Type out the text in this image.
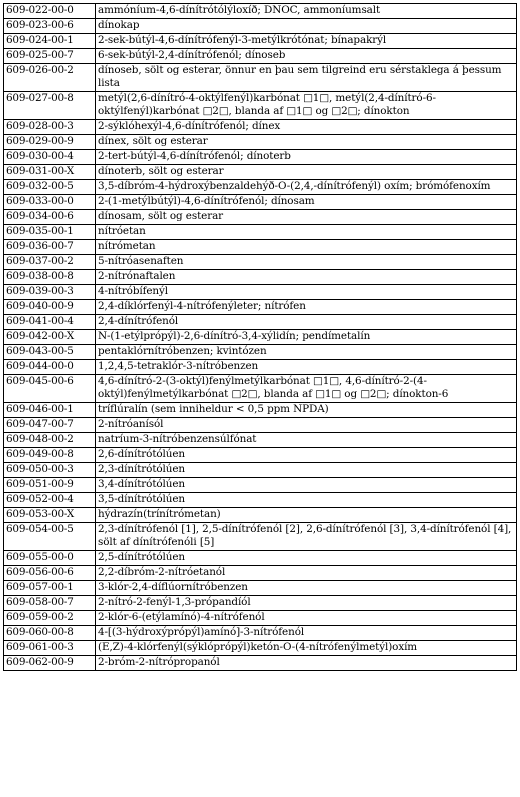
609-022-00-0	ammóníum-4,6-dínítrótólýloxíð; DNOC, ammoníumsalt
609-023-00-6	dínokap
609-024-00-1	2-sek-bútýl-4,6-dínítrófenýl-3-metýlkrótónat; bínapakrýl
609-025-00-7	6-sek-bútýl-2,4-dínítrófenól; dínoseb
609-026-00-2	dínoseb, sölt og esterar, önnur en þau sem tilgreind eru sérstaklega á þessum lista
609-027-00-8	metýl(2,6-dínítró-4-oktýlfenýl)karbónat □1□, metýl(2,4-dínítró-6-oktýlfenýl)karbónat □2□, blanda af □1□ og □2□; dínokton
609-028-00-3	2-sýklóhexýl-4,6-dínítrófenól; dínex
609-029-00-9	dínex, sölt og esterar
609-030-00-4	2-tert-bútýl-4,6-dínítrófenól; dínoterb
609-031-00-X	dínoterb, sölt og esterar
609-032-00-5	3,5-díbróm-4-hýdroxýbenzaldehýð-O-(2,4,-dínítrófenýl) oxím; brómófenoxím
609-033-00-0	2-(1-metýlbútýl)-4,6-dínítrófenól; dínosam
609-034-00-6	dínosam, sölt og esterar
609-035-00-1	nítróetan
609-036-00-7	nítrómetan
609-037-00-2	5-nítróasenaften
609-038-00-8	2-nítrónaftalen
609-039-00-3	4-nítróbífenýl
609-040-00-9	2,4-díklórfenýl-4-nítrófenýleter; nítrófen
609-041-00-4	2,4-dínítrófenól
609-042-00-X	N-(1-etýlprópýl)-2,6-dínítró-3,4-xýlidín; pendímetalín
609-043-00-5	pentaklórnítróbenzen; kvintózen
609-044-00-0	1,2,4,5-tetraklór-3-nítróbenzen
609-045-00-6	4,6-dínítró-2-(3-oktýl)fenýlmetýlkarbónat □1□, 4,6-dínítró-2-(4-oktýl)fenýlmetýlkarbónat □2□, blanda af □1□ og □2□; dínokton-6
609-046-00-1	tríflúralín (sem inniheldur < 0,5 ppm NPDA)
609-047-00-7	2-nítróanísól
609-048-00-2	natríum-3-nítróbenzensúlfónat
609-049-00-8	2,6-dínítrótólúen
609-050-00-3	2,3-dínítrótólúen
609-051-00-9	3,4-dínítrótólúen
609-052-00-4	3,5-dínítrótólúen
609-053-00-X	hýdrazín(trínítrómetan)
609-054-00-5	2,3-dínítrófenól [1], 2,5-dínítrófenól [2], 2,6-dínítrófenól [3], 3,4-dínítrófenól [4], sölt af dínítrófenóli [5]
609-055-00-0	2,5-dínítrótólúen
609-056-00-6	2,2-díbróm-2-nítróetanól
609-057-00-1	3-klór-2,4-díflúornítróbenzen
609-058-00-7	2-nítró-2-fenýl-1,3-própandíól
609-059-00-2	2-klór-6-(etýlamínó)-4-nítrófenól
609-060-00-8	4-[(3-hýdroxýprópýl)amínó]-3-nítrófenól
609-061-00-3	(E,Z)-4-klórfenýl(sýklóprópýl)ketón-O-(4-nítrófenýlmetýl)oxím
609-062-00-9	2-bróm-2-nítrópropanól
